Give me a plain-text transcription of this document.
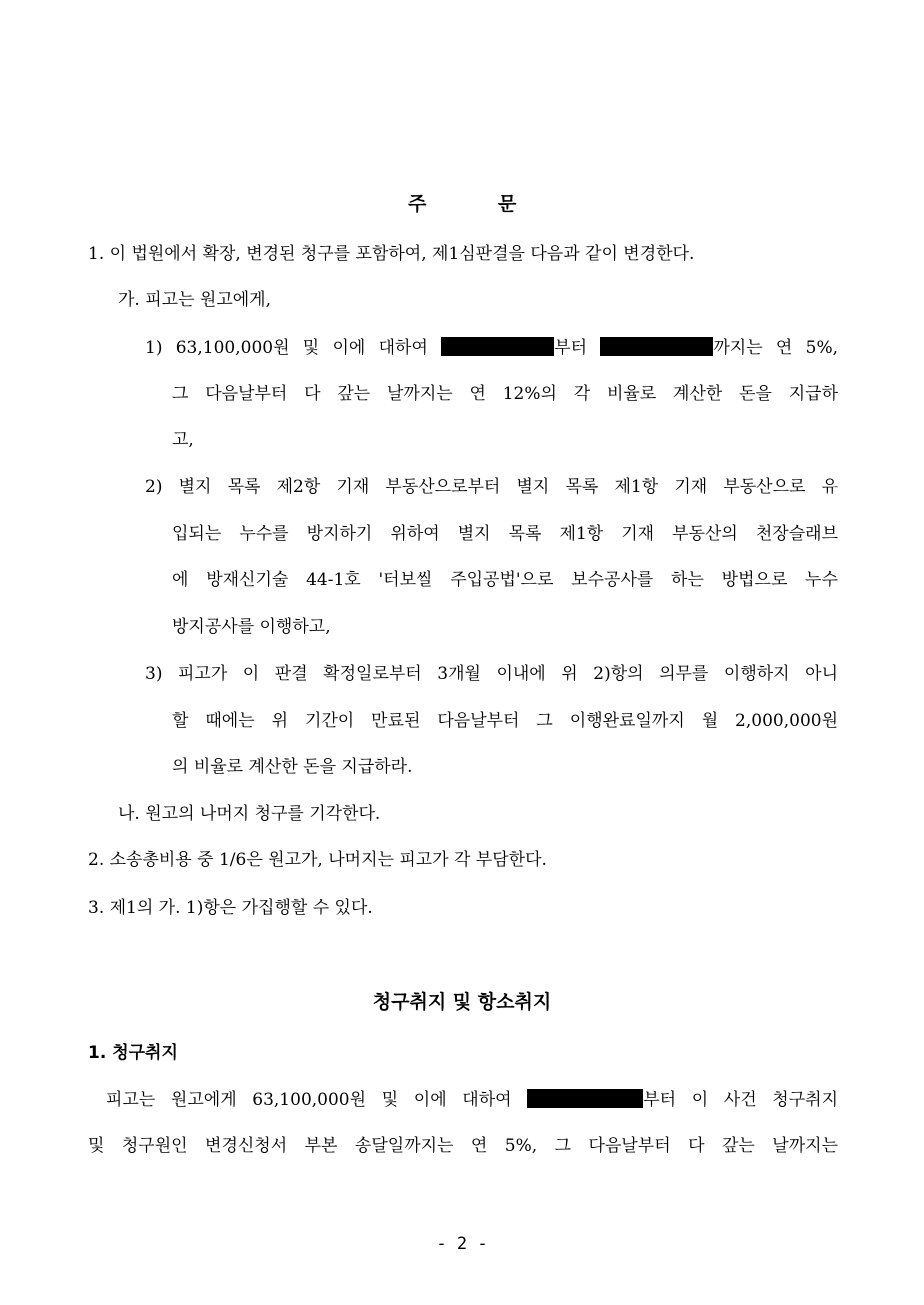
주	문
1. 이 법원에서 확장, 변경된 청구를 포함하여, 제1심판결을 다음과 같이 변경한다.
가. 피고는 원고에게,
1) 63,100,000원 및 이에 대하여	부터	까지는 연 5%,
그 다음날부터 다 갚는 날까지는 연 12%의 각 비율로 계산한 돈을 지급하
고,
2) 별지 목록 제2항 기재 부동산으로부터 별지 목록 제1항 기재 부동산으로 유
입되는 누수를 방지하기 위하여 별지 목록 제1항 기재 부동산의 천장슬래브
에 방재신기술 44-1호 '터보씰 주입공법'으로 보수공사를 하는 방법으로 누수
방지공사를 이행하고,
3) 피고가 이 판결 확정일로부터 3개월 이내에 위 2)항의 의무를 이행하지 아니
할 때에는 위 기간이 만료된 다음날부터 그 이행완료일까지 월 2,000,000원
의 비율로 계산한 돈을 지급하라.
나. 원고의 나머지 청구를 기각한다.
2. 소송총비용 중 1/6은 원고가, 나머지는 피고가 각 부담한다.
3. 제1의 가. 1)항은 가집행할 수 있다.
청구취지 및 항소취지
1. 청구취지
피고는 원고에게 63,100,000원 및 이에 대하여	부터 이 사건 청구취지
및 청구원인 변경신청서 부본 송달일까지는 연 5%, 그 다음날부터 다 갚는 날까지는
- 2 -
